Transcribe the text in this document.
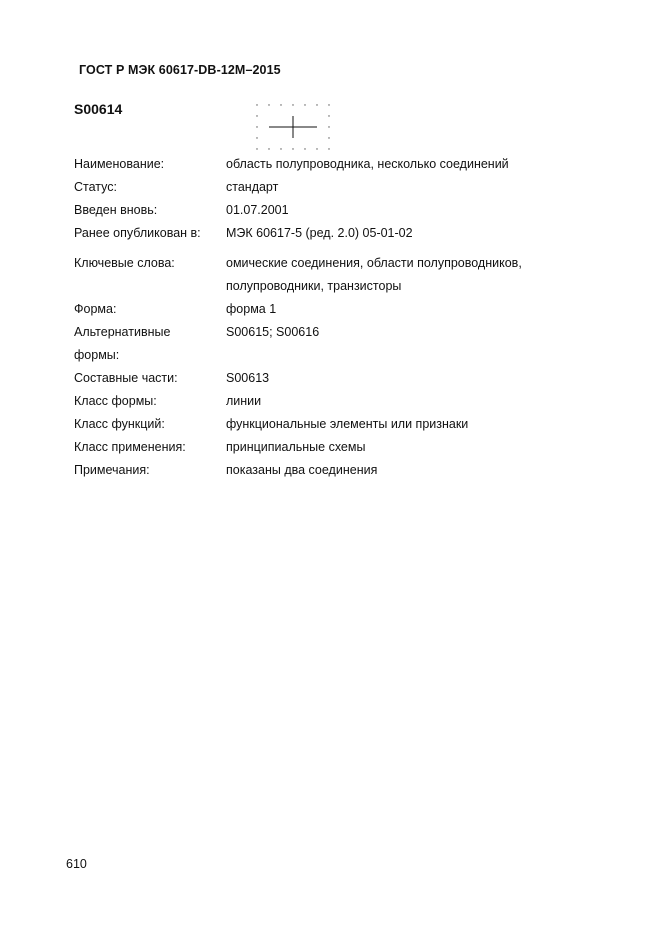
ГОСТ Р МЭК 60617-DB-12M–2015
S00614
Наименование:	область полупроводника, несколько соединений
Статус:	стандарт
Введен вновь:	01.07.2001
Ранее опубликован в:	МЭК 60617-5 (ред. 2.0) 05-01-02
Ключевые слова:	омические соединения, области полупроводников,
полупроводники, транзисторы
Форма:	форма 1
Альтернативные
формы:
S00615; S00616
Составные части:	S00613
Класс формы:	линии
Класс функций:	функциональные элементы или признаки
Класс применения:	принципиальные схемы
Примечания:	показаны два соединения
610
